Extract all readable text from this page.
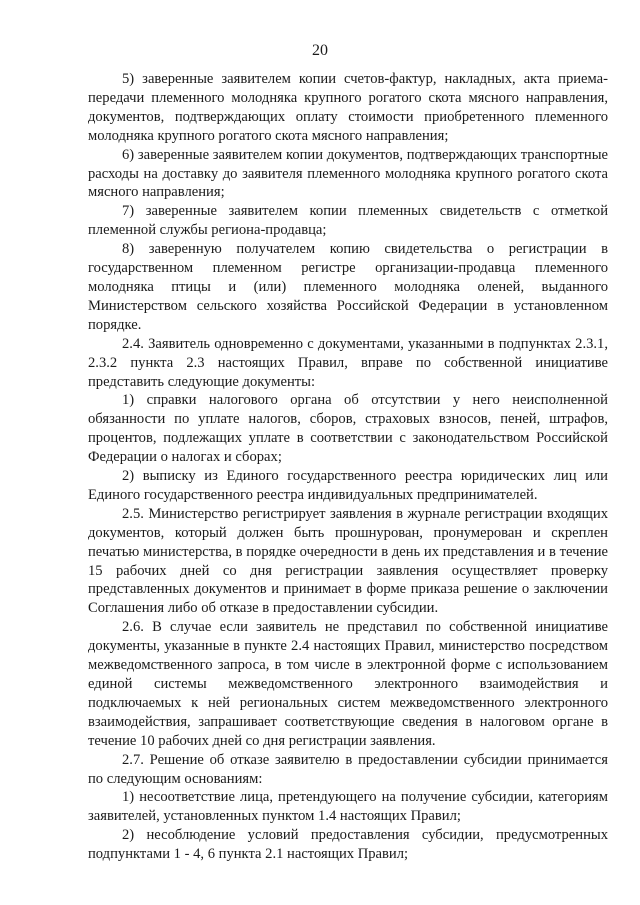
20

5) заверенные заявителем копии счетов-фактур, накладных, акта приема-передачи племенного молодняка крупного рогатого скота мясного направления, документов, подтверждающих оплату стоимости приобретенного племенного молодняка крупного рогатого скота мясного направления;

6) заверенные заявителем копии документов, подтверждающих транспортные расходы на доставку до заявителя племенного молодняка крупного рогатого скота мясного направления;

7) заверенные заявителем копии племенных свидетельств с отметкой племенной службы региона-продавца;

8) заверенную получателем копию свидетельства о регистрации в государственном племенном регистре организации-продавца племенного молодняка птицы и (или) племенного молодняка оленей, выданного Министерством сельского хозяйства Российской Федерации в установленном порядке.

2.4. Заявитель одновременно с документами, указанными в подпунктах 2.3.1, 2.3.2 пункта 2.3 настоящих Правил, вправе по собственной инициативе представить следующие документы:

1) справки налогового органа об отсутствии у него неисполненной обязанности по уплате налогов, сборов, страховых взносов, пеней, штрафов, процентов, подлежащих уплате в соответствии с законодательством Российской Федерации о налогах и сборах;

2) выписку из Единого государственного реестра юридических лиц или Единого государственного реестра индивидуальных предпринимателей.

2.5. Министерство регистрирует заявления в журнале регистрации входящих документов, который должен быть прошнурован, пронумерован и скреплен печатью министерства, в порядке очередности в день их представления и в течение 15 рабочих дней со дня регистрации заявления осуществляет проверку представленных документов и принимает в форме приказа решение о заключении Соглашения либо об отказе в предоставлении субсидии.

2.6. В случае если заявитель не представил по собственной инициативе документы, указанные в пункте 2.4 настоящих Правил, министерство посредством межведомственного запроса, в том числе в электронной форме с использованием единой системы межведомственного электронного взаимодействия и подключаемых к ней региональных систем межведомственного электронного взаимодействия, запрашивает соответствующие сведения в налоговом органе в течение 10 рабочих дней со дня регистрации заявления.

2.7. Решение об отказе заявителю в предоставлении субсидии принимается по следующим основаниям:

1) несоответствие лица, претендующего на получение субсидии, категориям заявителей, установленных пунктом 1.4 настоящих Правил;

2) несоблюдение условий предоставления субсидии, предусмотренных подпунктами 1 - 4, 6 пункта 2.1 настоящих Правил;
